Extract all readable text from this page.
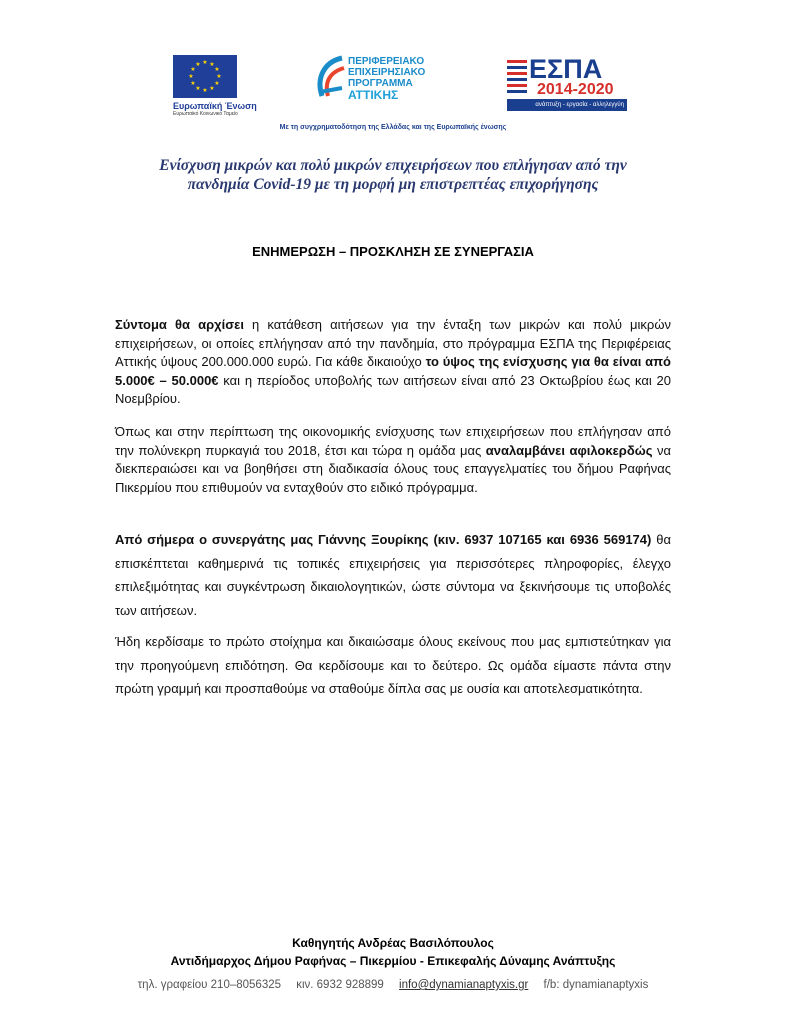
★ ★
★
★
★
★
★
★
★
★
★
★
Ευρωπαϊκή Ένωση
Ευρωπαϊκό Κοινωνικό Ταμείο
ΠΕΡΙΦΕΡΕΙΑΚΟ
ΕΠΙΧΕΙΡΗΣΙΑΚΟ
ΠΡΟΓΡΑΜΜΑ
ΑΤΤΙΚΗΣ
ΕΣΠΑ
2014-2020
ανάπτυξη - εργασία - αλληλεγγύη
Με τη συγχρηματοδότηση της Ελλάδας και της Ευρωπαϊκής ένωσης
Ενίσχυση μικρών και πολύ μικρών επιχειρήσεων που επλήγησαν από την
πανδημία Covid-19 με τη μορφή μη επιστρεπτέας επιχορήγησης
ΕΝΗΜΕΡΩΣΗ – ΠΡΟΣΚΛΗΣΗ ΣΕ ΣΥΝΕΡΓΑΣΙΑ

Σύντομα θα αρχίσει η κατάθεση αιτήσεων για την ένταξη των μικρών και πολύ μικρών επιχειρήσεων, οι οποίες επλήγησαν από την πανδημία, στο πρόγραμμα ΕΣΠΑ της Περιφέρειας Αττικής ύψους 200.000.000 ευρώ. Για κάθε δικαιούχο το ύψος της ενίσχυσης για θα είναι από 5.000€ – 50.000€ και η περίοδος υποβολής των αιτήσεων είναι από 23 Οκτωβρίου έως και 20 Νοεμβρίου.

Όπως και στην περίπτωση της οικονομικής ενίσχυσης των επιχειρήσεων που επλήγησαν από την πολύνεκρη πυρκαγιά του 2018, έτσι και τώρα η ομάδα μας αναλαμβάνει αφιλοκερδώς να διεκπεραιώσει και να βοηθήσει στη διαδικασία όλους τους επαγγελματίες του δήμου Ραφήνας Πικερμίου που επιθυμούν να ενταχθούν στο ειδικό πρόγραμμα.

Από σήμερα ο συνεργάτης μας Γιάννης Ξουρίκης (κιν. 6937 107165 και 6936 569174) θα επισκέπτεται καθημερινά τις τοπικές επιχειρήσεις για περισσότερες πληροφορίες, έλεγχο επιλεξιμότητας και συγκέντρωση δικαιολογητικών, ώστε σύντομα να ξεκινήσουμε τις υποβολές των αιτήσεων.

Ήδη κερδίσαμε το πρώτο στοίχημα και δικαιώσαμε όλους εκείνους που μας εμπιστεύτηκαν για την προηγούμενη επιδότηση. Θα κερδίσουμε και το δεύτερο. Ως ομάδα είμαστε πάντα στην πρώτη γραμμή και προσπαθούμε να σταθούμε δίπλα σας με ουσία και αποτελεσματικότητα.

Καθηγητής Ανδρέας Βασιλόπουλος
Αντιδήμαρχος Δήμου Ραφήνας – Πικερμίου - Επικεφαλής Δύναμης Ανάπτυξης
τηλ. γραφείου 210–8056325 κιν. 6932 928899 info@dynamianaptyxis.gr f/b: dynamianaptyxis
